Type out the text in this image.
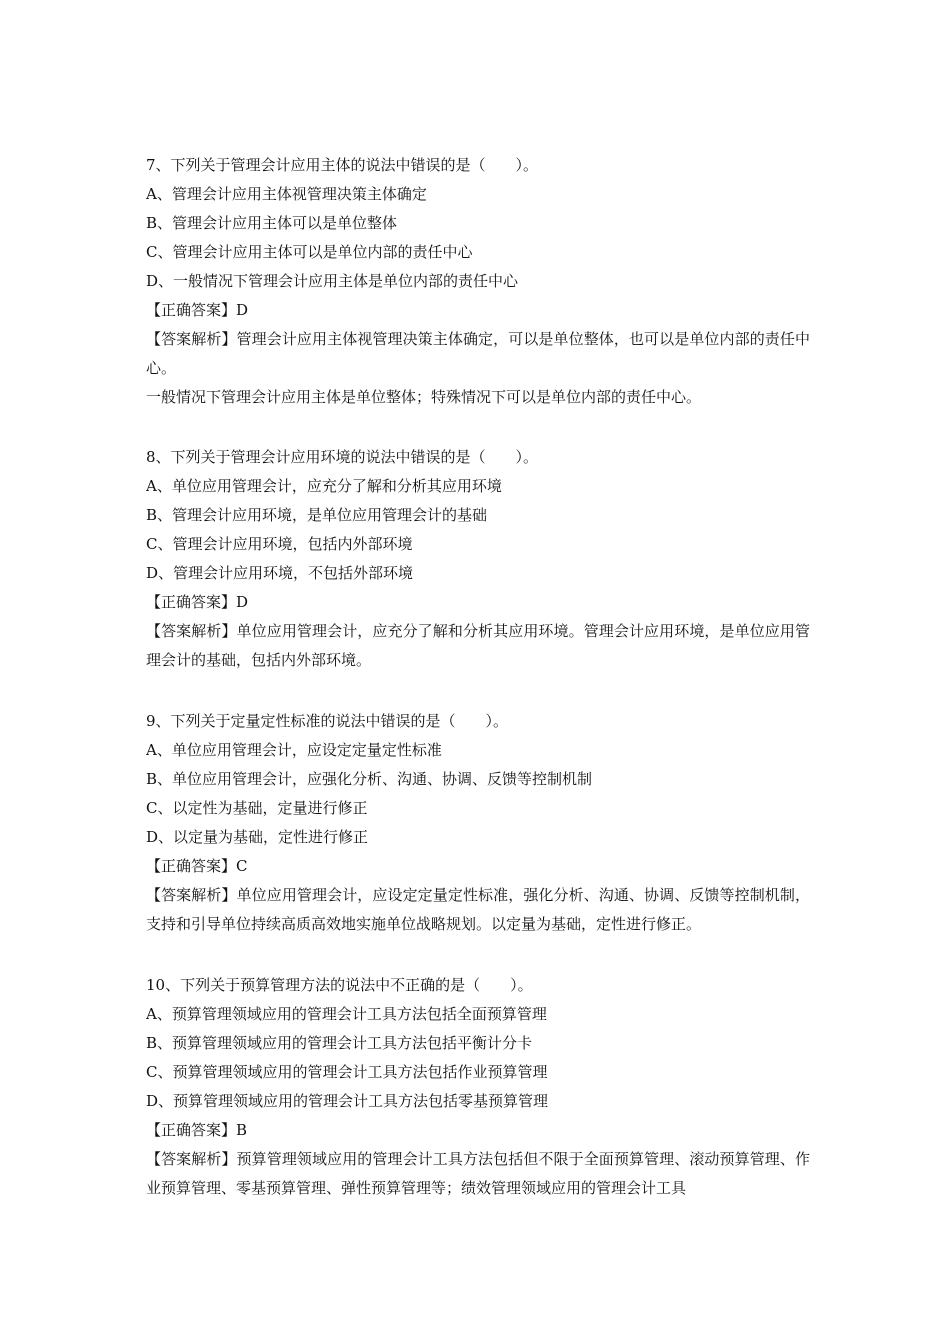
7、下列关于管理会计应用主体的说法中错误的是（　　）。
A、管理会计应用主体视管理决策主体确定
B、管理会计应用主体可以是单位整体
C、管理会计应用主体可以是单位内部的责任中心
D、一般情况下管理会计应用主体是单位内部的责任中心
【正确答案】D
【答案解析】管理会计应用主体视管理决策主体确定，可以是单位整体，也可以是单位内部的责任中心。
一般情况下管理会计应用主体是单位整体；特殊情况下可以是单位内部的责任中心。
8、下列关于管理会计应用环境的说法中错误的是（　　）。
A、单位应用管理会计，应充分了解和分析其应用环境
B、管理会计应用环境，是单位应用管理会计的基础
C、管理会计应用环境，包括内外部环境
D、管理会计应用环境，不包括外部环境
【正确答案】D
【答案解析】单位应用管理会计，应充分了解和分析其应用环境。管理会计应用环境，是单位应用管理会计的基础，包括内外部环境。
9、下列关于定量定性标准的说法中错误的是（　　）。
A、单位应用管理会计，应设定定量定性标准
B、单位应用管理会计，应强化分析、沟通、协调、反馈等控制机制
C、以定性为基础，定量进行修正
D、以定量为基础，定性进行修正
【正确答案】C
【答案解析】单位应用管理会计，应设定定量定性标准，强化分析、沟通、协调、反馈等控制机制，支持和引导单位持续高质高效地实施单位战略规划。以定量为基础，定性进行修正。
10、下列关于预算管理方法的说法中不正确的是（　　）。
A、预算管理领域应用的管理会计工具方法包括全面预算管理
B、预算管理领域应用的管理会计工具方法包括平衡计分卡
C、预算管理领域应用的管理会计工具方法包括作业预算管理
D、预算管理领域应用的管理会计工具方法包括零基预算管理
【正确答案】B
【答案解析】预算管理领域应用的管理会计工具方法包括但不限于全面预算管理、滚动预算管理、作业预算管理、零基预算管理、弹性预算管理等；绩效管理领域应用的管理会计工具
